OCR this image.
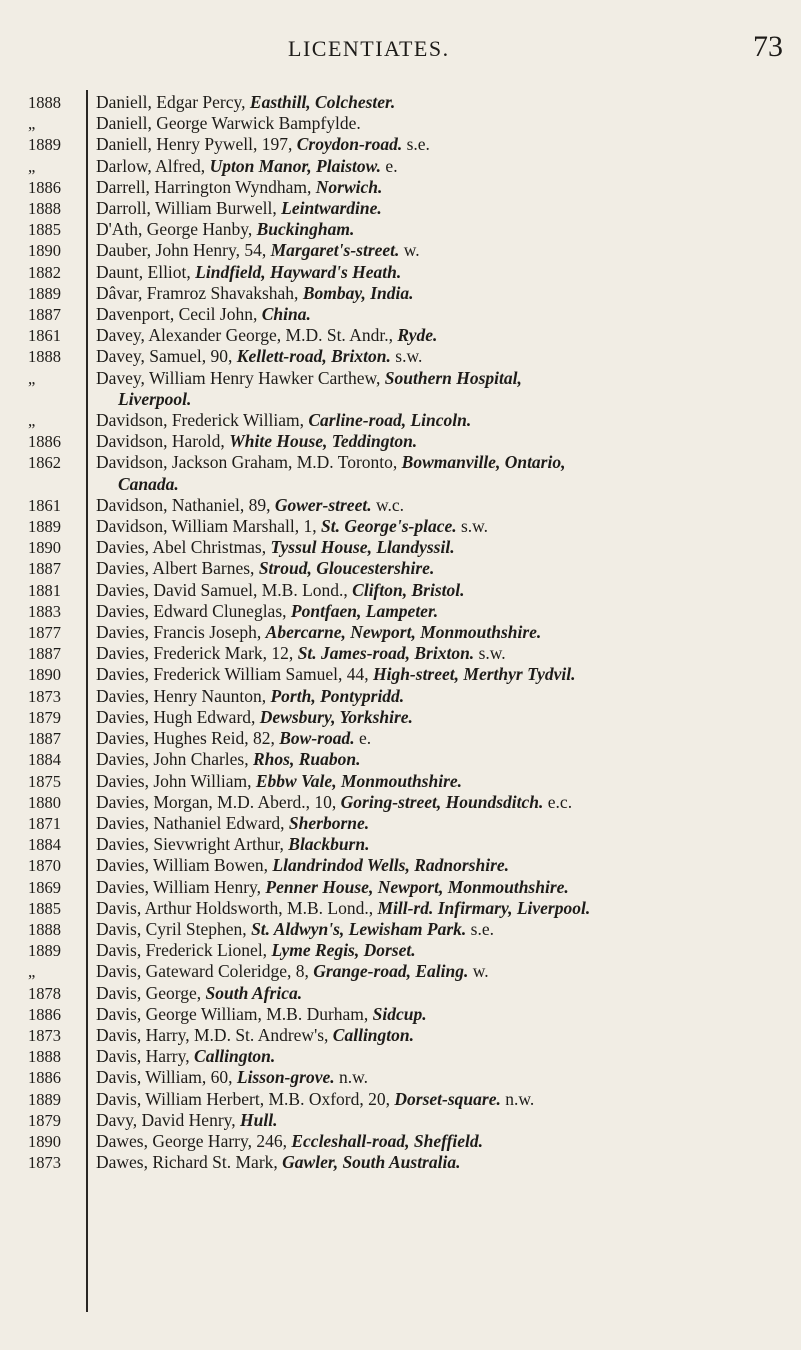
LICENTIATES.	73
1888	Daniell, Edgar Percy, Easthill, Colchester.
„	Daniell, George Warwick Bampfylde.
1889	Daniell, Henry Pywell, 197, Croydon-road. s.e.
„	Darlow, Alfred, Upton Manor, Plaistow. e.
1886	Darrell, Harrington Wyndham, Norwich.
1888	Darroll, William Burwell, Leintwardine.
1885	D'Ath, George Hanby, Buckingham.
1890	Dauber, John Henry, 54, Margaret's-street. w.
1882	Daunt, Elliot, Lindfield, Hayward's Heath.
1889	Dâvar, Framroz Shavakshah, Bombay, India.
1887	Davenport, Cecil John, China.
1861	Davey, Alexander George, M.D. St. Andr., Ryde.
1888	Davey, Samuel, 90, Kellett-road, Brixton. s.w.
„	Davey, William Henry Hawker Carthew, Southern Hospital,
Liverpool.
„	Davidson, Frederick William, Carline-road, Lincoln.
1886	Davidson, Harold, White House, Teddington.
1862	Davidson, Jackson Graham, M.D. Toronto, Bowmanville, Ontario,
Canada.
1861	Davidson, Nathaniel, 89, Gower-street. w.c.
1889	Davidson, William Marshall, 1, St. George's-place. s.w.
1890	Davies, Abel Christmas, Tyssul House, Llandyssil.
1887	Davies, Albert Barnes, Stroud, Gloucestershire.
1881	Davies, David Samuel, M.B. Lond., Clifton, Bristol.
1883	Davies, Edward Cluneglas, Pontfaen, Lampeter.
1877	Davies, Francis Joseph, Abercarne, Newport, Monmouthshire.
1887	Davies, Frederick Mark, 12, St. James-road, Brixton. s.w.
1890	Davies, Frederick William Samuel, 44, High-street, Merthyr Tydvil.
1873	Davies, Henry Naunton, Porth, Pontypridd.
1879	Davies, Hugh Edward, Dewsbury, Yorkshire.
1887	Davies, Hughes Reid, 82, Bow-road. e.
1884	Davies, John Charles, Rhos, Ruabon.
1875	Davies, John William, Ebbw Vale, Monmouthshire.
1880	Davies, Morgan, M.D. Aberd., 10, Goring-street, Houndsditch. e.c.
1871	Davies, Nathaniel Edward, Sherborne.
1884	Davies, Sievwright Arthur, Blackburn.
1870	Davies, William Bowen, Llandrindod Wells, Radnorshire.
1869	Davies, William Henry, Penner House, Newport, Monmouthshire.
1885	Davis, Arthur Holdsworth, M.B. Lond., Mill-rd. Infirmary, Liverpool.
1888	Davis, Cyril Stephen, St. Aldwyn's, Lewisham Park. s.e.
1889	Davis, Frederick Lionel, Lyme Regis, Dorset.
„	Davis, Gateward Coleridge, 8, Grange-road, Ealing. w.
1878	Davis, George, South Africa.
1886	Davis, George William, M.B. Durham, Sidcup.
1873	Davis, Harry, M.D. St. Andrew's, Callington.
1888	Davis, Harry, Callington.
1886	Davis, William, 60, Lisson-grove. n.w.
1889	Davis, William Herbert, M.B. Oxford, 20, Dorset-square. n.w.
1879	Davy, David Henry, Hull.
1890	Dawes, George Harry, 246, Eccleshall-road, Sheffield.
1873	Dawes, Richard St. Mark, Gawler, South Australia.
